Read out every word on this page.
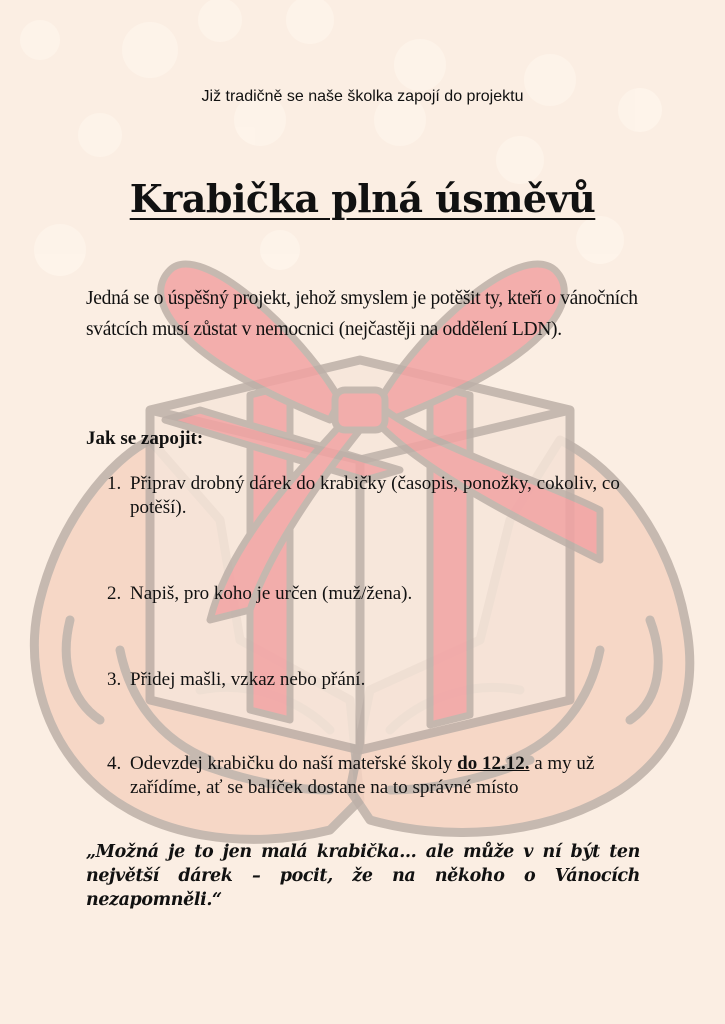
Již tradičně se naše školka zapojí do projektu
Krabička plná úsměvů

Jedná se o úspěšný projekt, jehož smyslem je potěšit ty, kteří o vánočních svátcích musí zůstat v nemocnici (nejčastěji na oddělení LDN).

Jak se zapojit:
1. Připrav drobný dárek do krabičky (časopis, ponožky, cokoliv, co potěší).
2. Napiš, pro koho je určen (muž/žena).
3. Přidej mašli, vzkaz nebo přání.
4. Odevzdej krabičku do naší mateřské školy do 12.12. a my už zařídíme, ať se balíček dostane na to správné místo
„Možná je to jen malá krabička… ale může v ní být ten největší dárek – pocit, že na někoho o Vánocích nezapomněli.“
